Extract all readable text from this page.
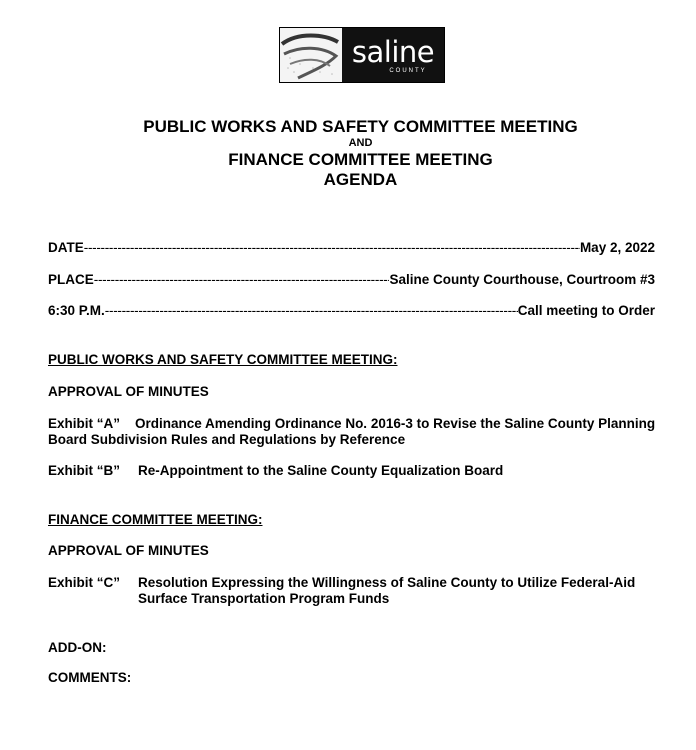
saline
COUNTY
PUBLIC WORKS AND SAFETY COMMITTEE MEETING
AND
FINANCE COMMITTEE MEETING
AGENDA
DATE -----	May 2, 2022
PLACE -----	Saline County Courthouse, Courtroom #3
6:30 P.M. -----	Call meeting to Order
PUBLIC WORKS AND SAFETY COMMITTEE MEETING:
APPROVAL OF MINUTES
Exhibit “A” Ordinance Amending Ordinance No. 2016-3 to Revise the Saline County Planning Board Subdivision Rules and Regulations by Reference
Exhibit “B”	Re-Appointment to the Saline County Equalization Board
FINANCE COMMITTEE MEETING:
APPROVAL OF MINUTES
Exhibit “C”	Resolution Expressing the Willingness of Saline County to Utilize Federal-Aid Surface Transportation Program Funds
ADD-ON:
COMMENTS:
